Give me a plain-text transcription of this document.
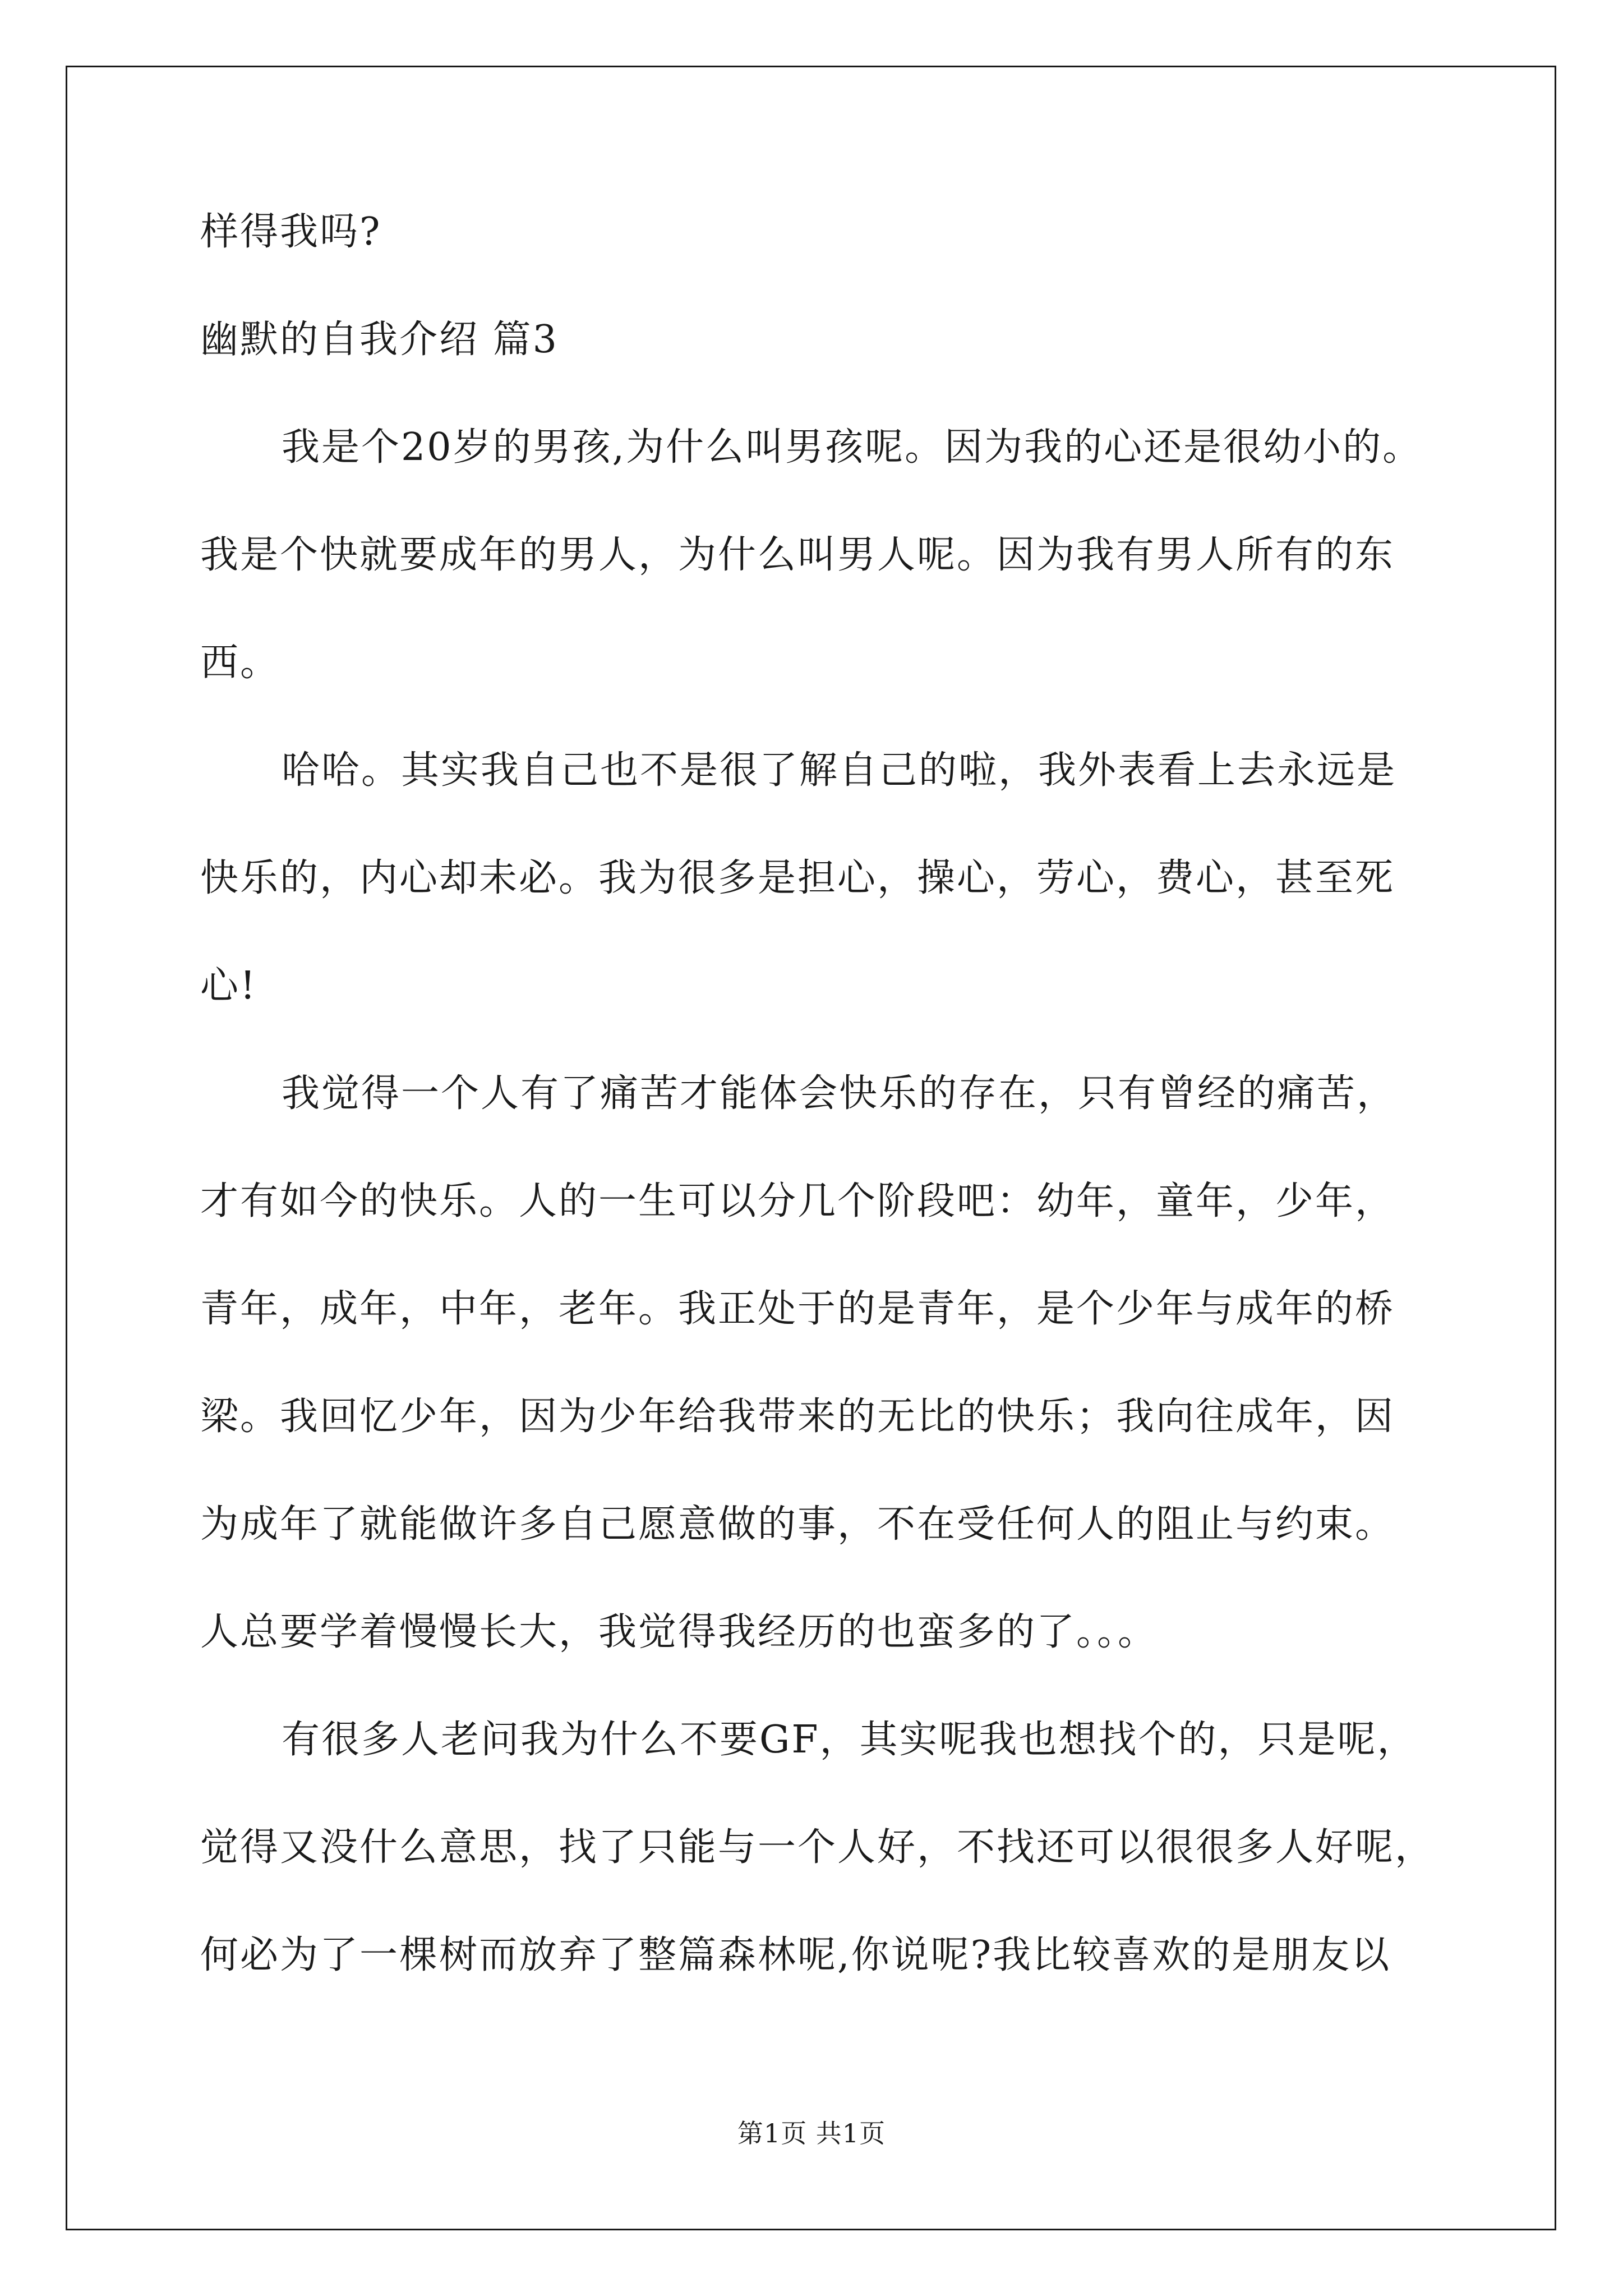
样得我吗?
幽默的自我介绍 篇3
我是个20岁的男孩,为什么叫男孩呢。因为我的心还是很幼小的。
我是个快就要成年的男人，为什么叫男人呢。因为我有男人所有的东
西。
哈哈。其实我自己也不是很了解自己的啦，我外表看上去永远是
快乐的，内心却未必。我为很多是担心，操心，劳心，费心，甚至死
心!
我觉得一个人有了痛苦才能体会快乐的存在，只有曾经的痛苦，
才有如今的快乐。人的一生可以分几个阶段吧：幼年，童年，少年，
青年，成年，中年，老年。我正处于的是青年，是个少年与成年的桥
梁。我回忆少年，因为少年给我带来的无比的快乐；我向往成年，因
为成年了就能做许多自己愿意做的事，不在受任何人的阻止与约束。
人总要学着慢慢长大，我觉得我经历的也蛮多的了。。。
有很多人老问我为什么不要GF，其实呢我也想找个的，只是呢，
觉得又没什么意思，找了只能与一个人好，不找还可以很很多人好呢，
何必为了一棵树而放弃了整篇森林呢,你说呢?我比较喜欢的是朋友以
第1页 共1页
